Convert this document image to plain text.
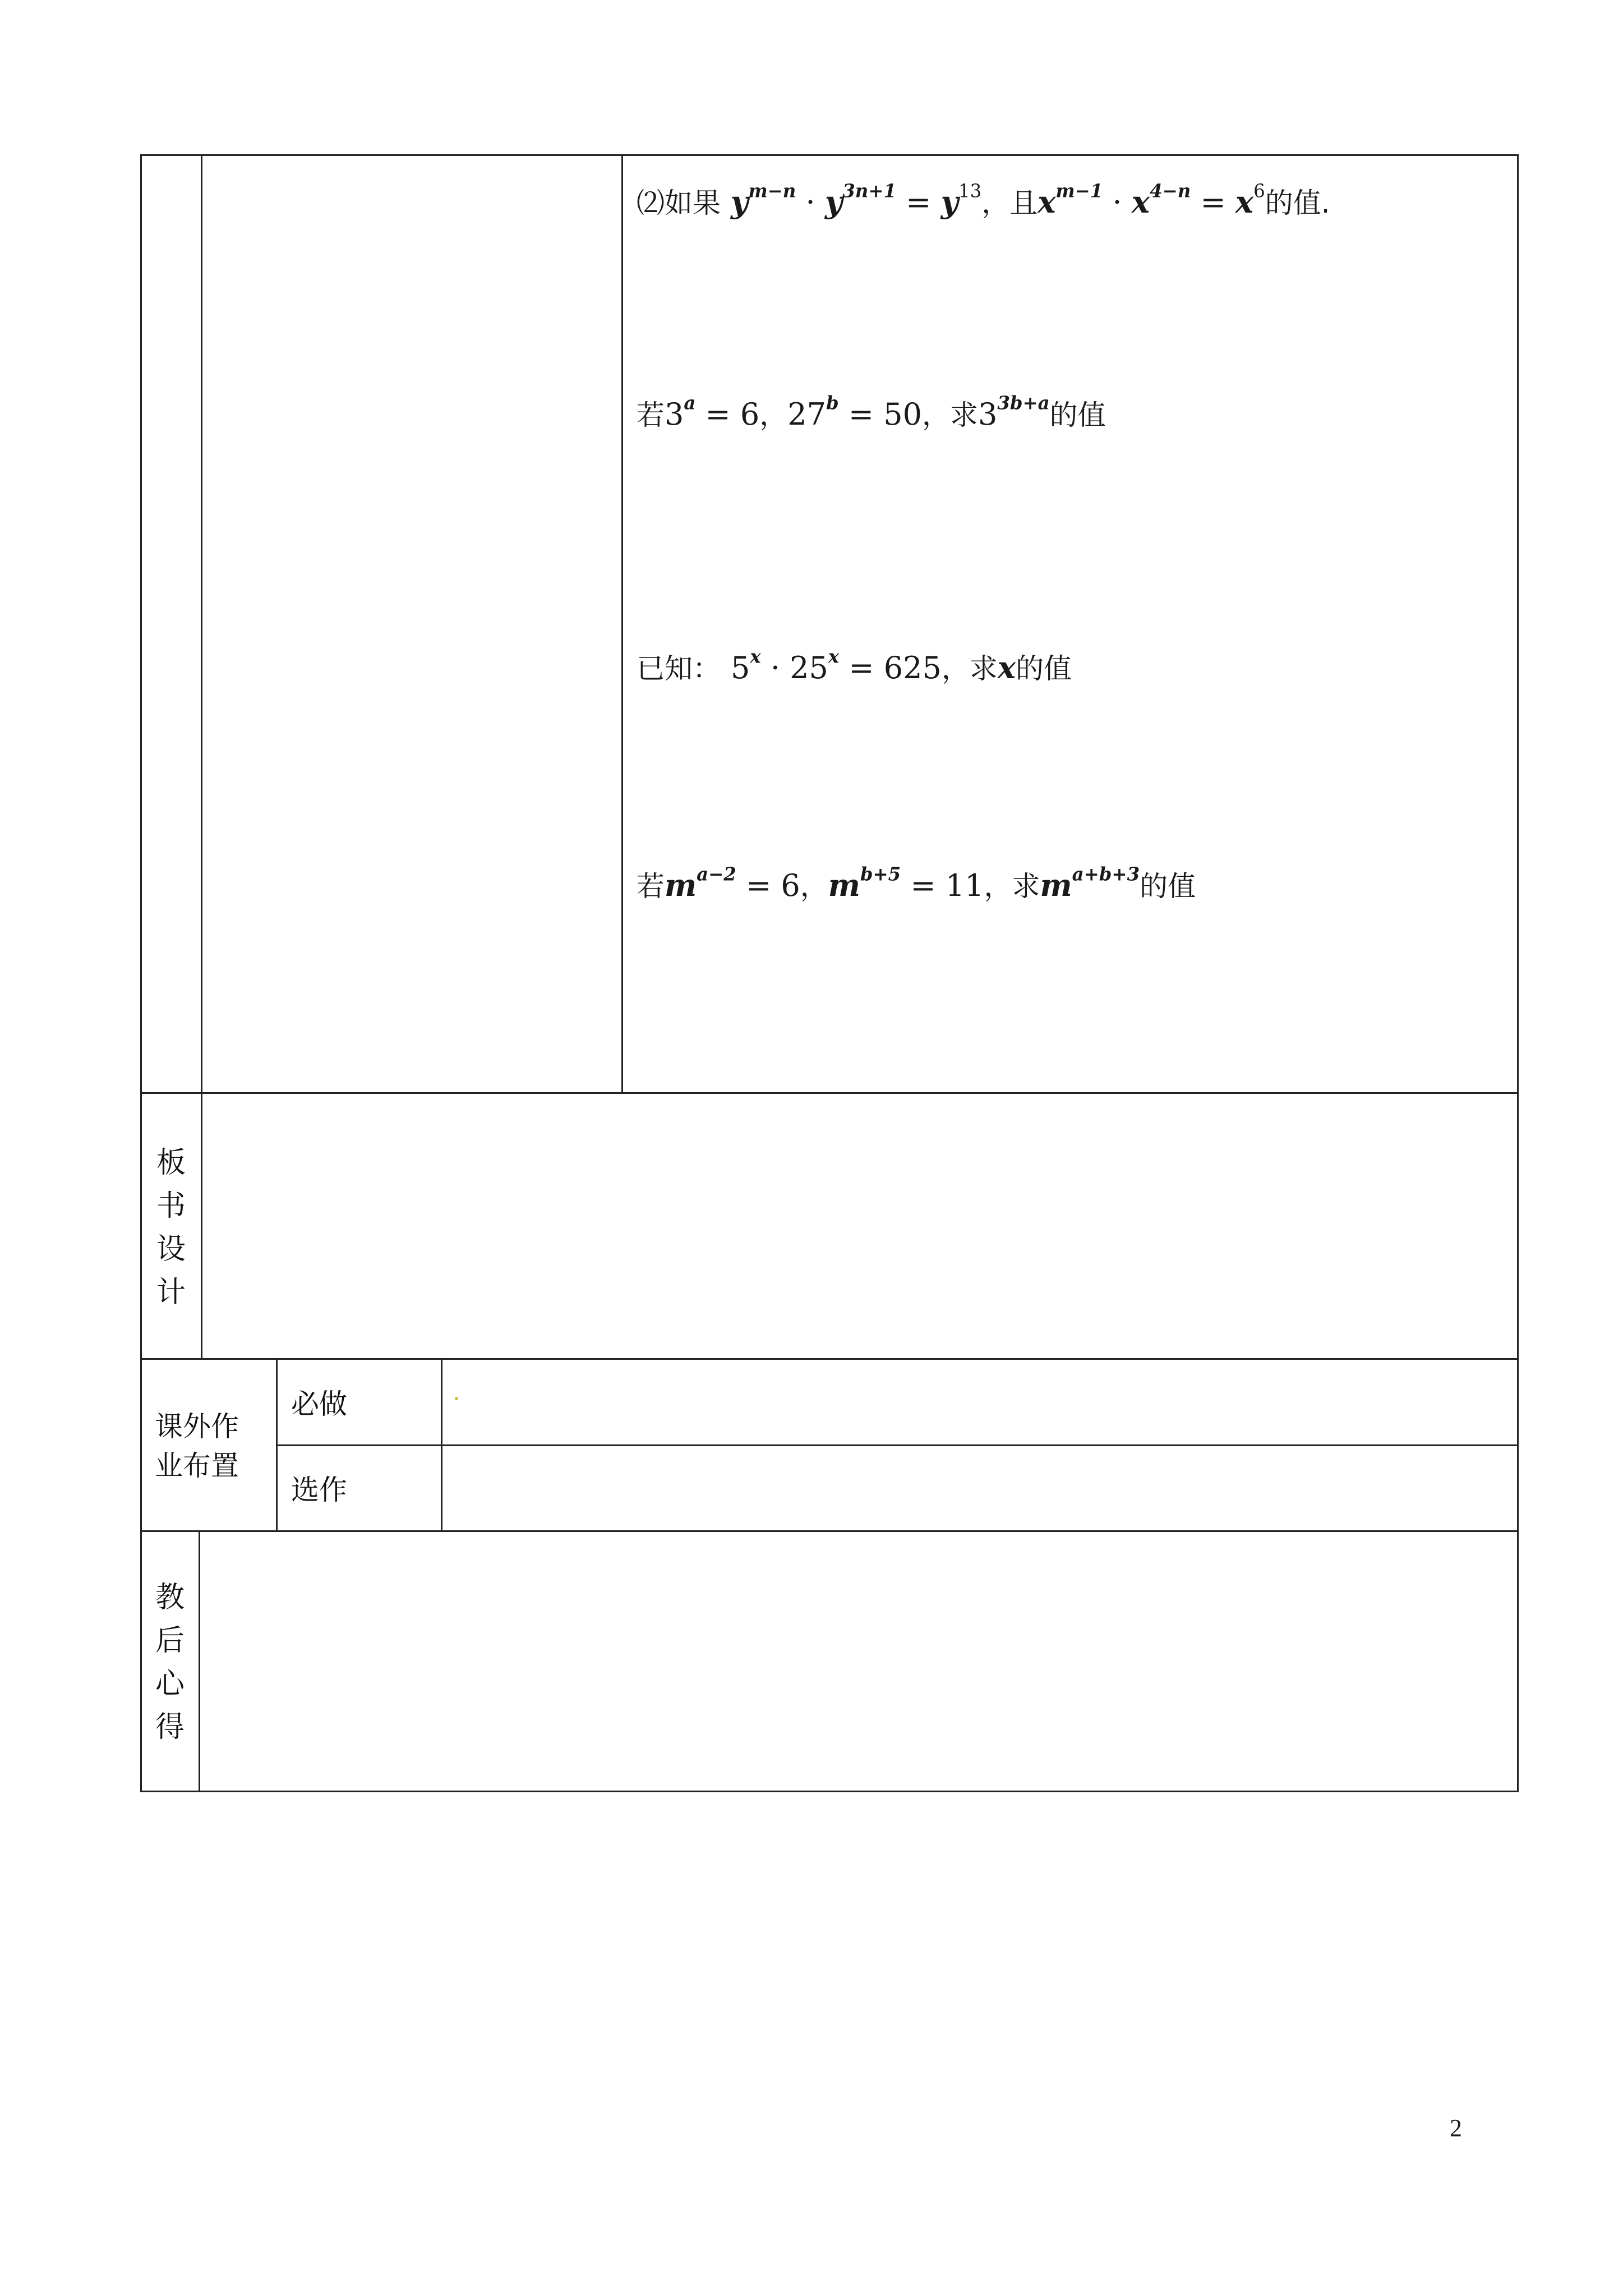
⑵如果 $y^{m-n} \cdot y^{3n+1} = y^{13}$ ，且 $x^{m-1} \cdot x^{4-n} = x^6$ 的值.
若 $3^a = 6$ ， $27^b = 50$ ，求 $3^{3b+a}$ 的值
已知： $5^x \cdot 25^x = 625$ ，求 x 的值
若 $m^{a-2} = 6$ ， $m^{b+5} = 11$ ，求 $m^{a+b+3}$ 的值
板
书
设
计
课外作
业布置
必做
选作
教
后
心
得
2
